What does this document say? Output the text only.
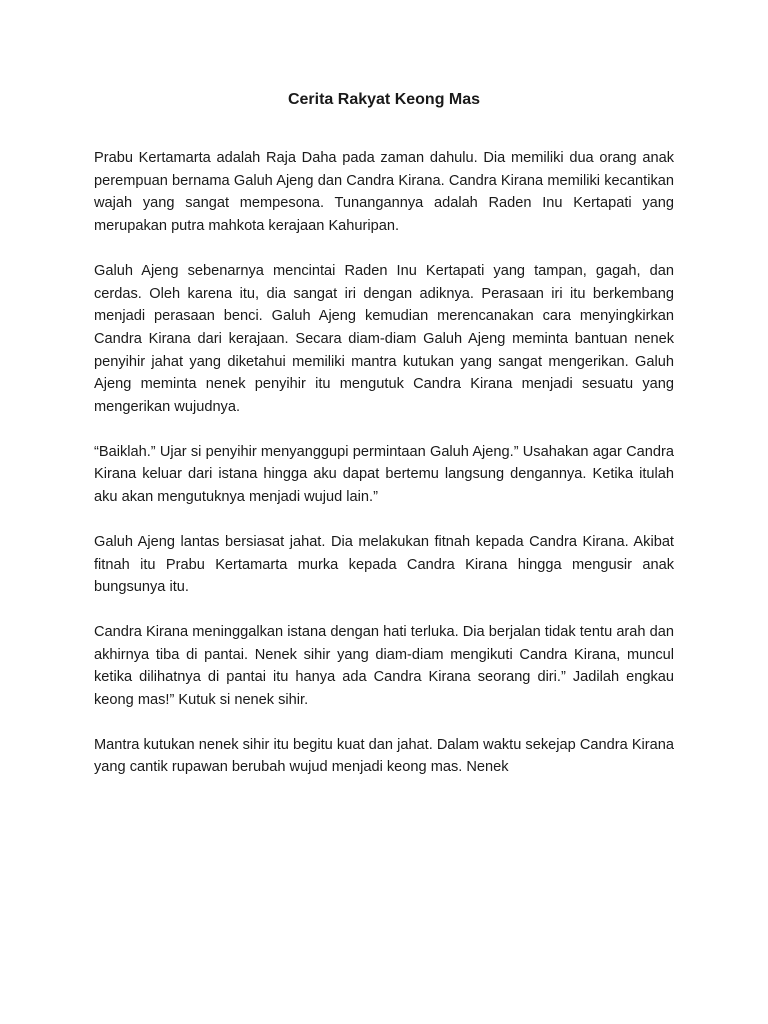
Cerita Rakyat Keong Mas

Prabu Kertamarta adalah Raja Daha pada zaman dahulu. Dia memiliki dua orang anak perempuan bernama Galuh Ajeng dan Candra Kirana. Candra Kirana memiliki kecantikan wajah yang sangat mempesona. Tunangannya adalah Raden Inu Kertapati yang merupakan putra mahkota kerajaan Kahuripan.

Galuh Ajeng sebenarnya mencintai Raden Inu Kertapati yang tampan, gagah, dan cerdas. Oleh karena itu, dia sangat iri dengan adiknya. Perasaan iri itu berkembang menjadi perasaan benci. Galuh Ajeng kemudian merencanakan cara menyingkirkan Candra Kirana dari kerajaan. Secara diam-diam Galuh Ajeng meminta bantuan nenek penyihir jahat yang diketahui memiliki mantra kutukan yang sangat mengerikan. Galuh Ajeng meminta nenek penyihir itu mengutuk Candra Kirana menjadi sesuatu yang mengerikan wujudnya.

“Baiklah.” Ujar si penyihir menyanggupi permintaan Galuh Ajeng.” Usahakan agar Candra Kirana keluar dari istana hingga aku dapat bertemu langsung dengannya. Ketika itulah aku akan mengutuknya menjadi wujud lain.”

Galuh Ajeng lantas bersiasat jahat. Dia melakukan fitnah kepada Candra Kirana. Akibat fitnah itu Prabu Kertamarta murka kepada Candra Kirana hingga mengusir anak bungsunya itu.

Candra Kirana meninggalkan istana dengan hati terluka. Dia berjalan tidak tentu arah dan akhirnya tiba di pantai. Nenek sihir yang diam-diam mengikuti Candra Kirana, muncul ketika dilihatnya di pantai itu hanya ada Candra Kirana seorang diri.” Jadilah engkau keong mas!” Kutuk si nenek sihir.

Mantra kutukan nenek sihir itu begitu kuat dan jahat. Dalam waktu sekejap Candra Kirana yang cantik rupawan berubah wujud menjadi keong mas. Nenek
